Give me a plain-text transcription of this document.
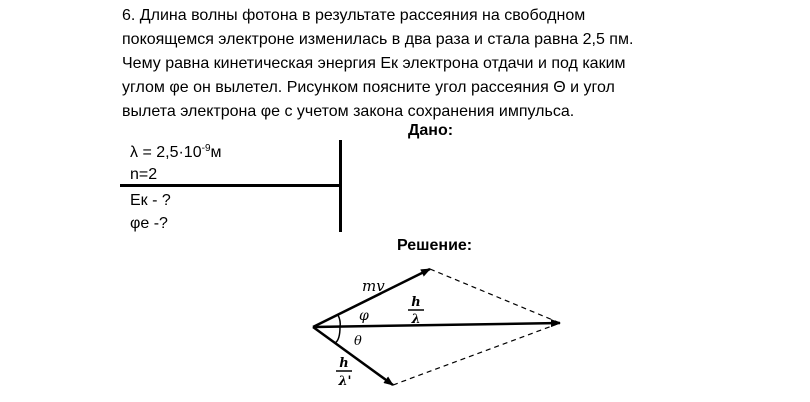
6. Длина волны фотона в результате рассеяния на свободном

покоящемся электроне изменилась в два раза и стала равна 2,5 пм.

Чему равна кинетическая энергия Ек электрона отдачи и под каким

углом φе он вылетел. Рисунком поясните угол рассеяния Θ и угол

вылета электрона φе с учетом закона сохранения импульса.

Дано:
$\lambda = 2,5\cdot 10^{-9}м$
n=2
Ек - ?
φе -?
Решение:
mv
φ
θ
h
λ
h
λ'
